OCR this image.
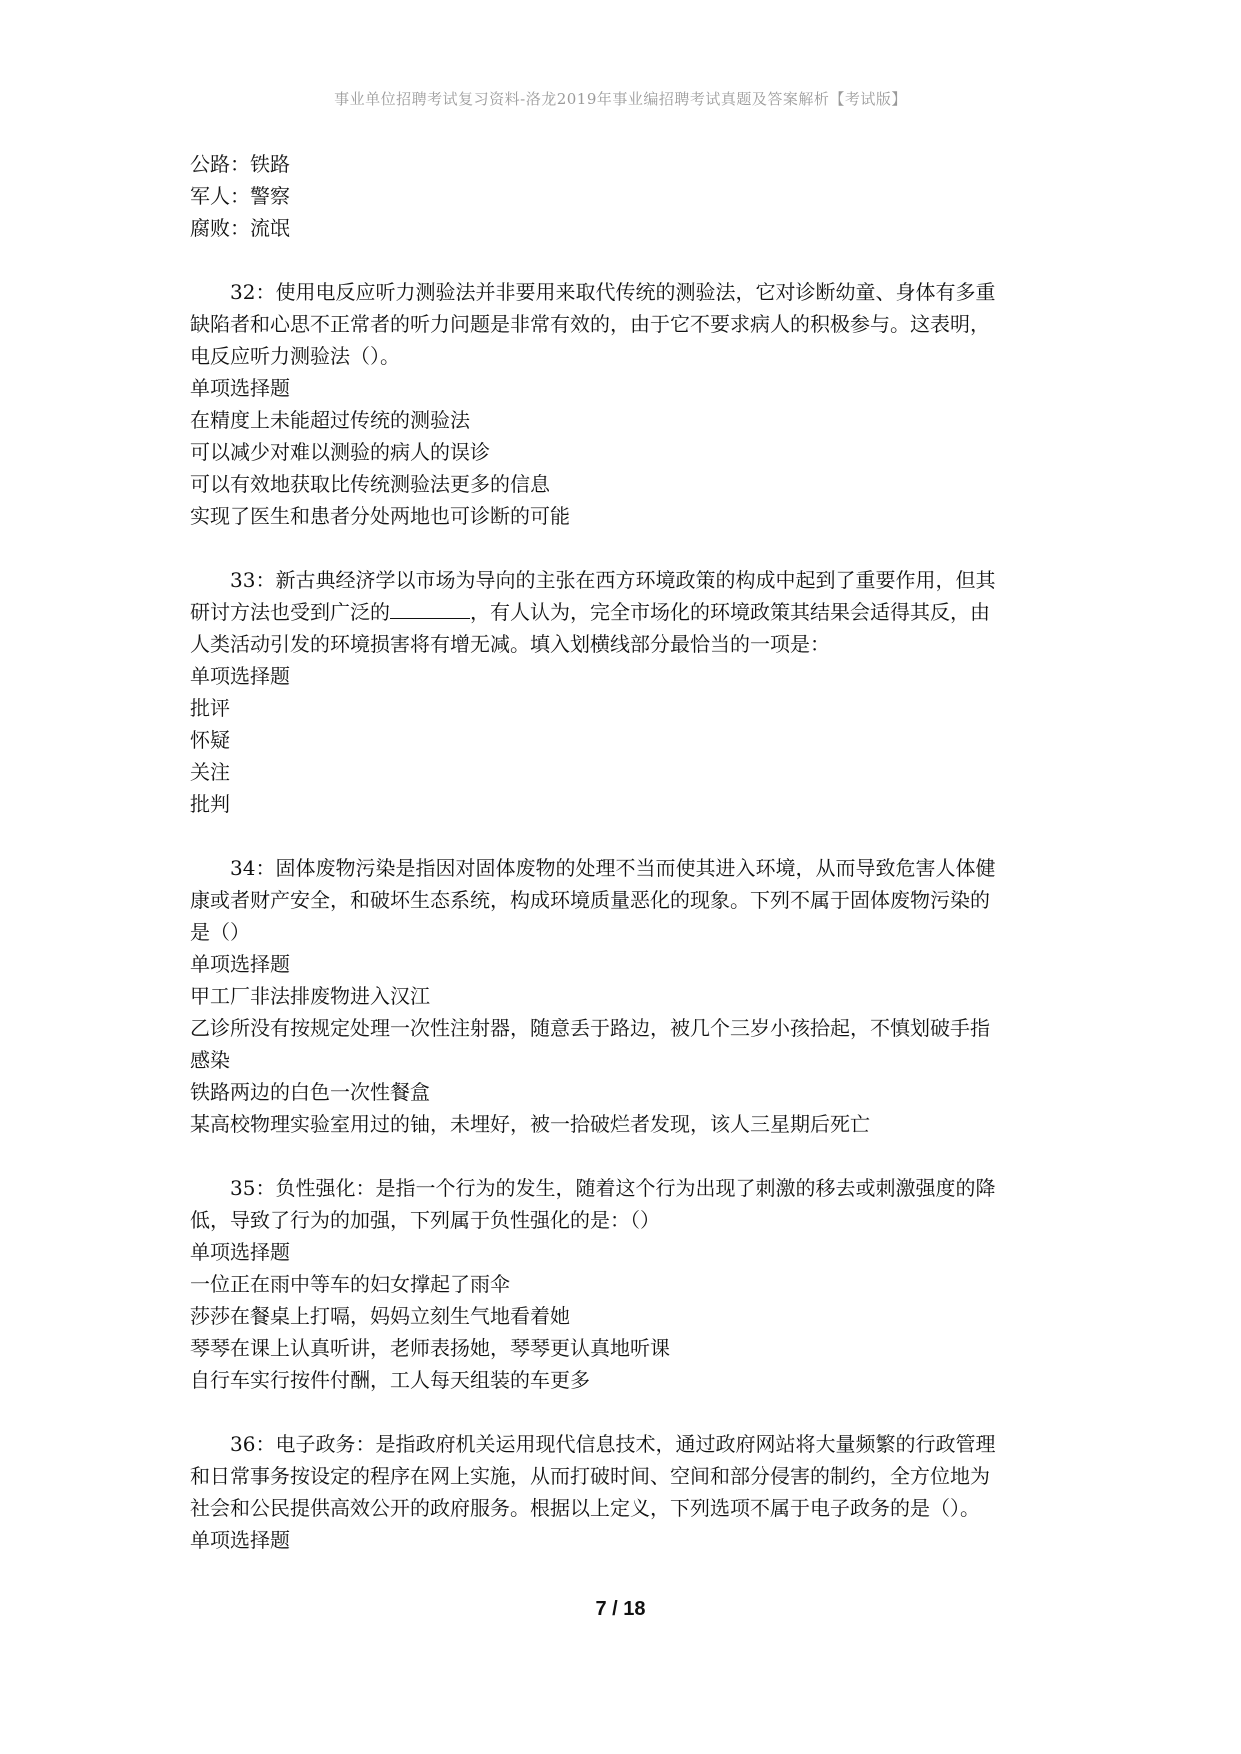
事业单位招聘考试复习资料-洛龙2019年事业编招聘考试真题及答案解析【考试版】
公路：铁路
军人：警察
腐败：流氓
32：使用电反应听力测验法并非要用来取代传统的测验法，它对诊断幼童、身体有多重
缺陷者和心思不正常者的听力问题是非常有效的，由于它不要求病人的积极参与。这表明，
电反应听力测验法（）。
单项选择题
在精度上未能超过传统的测验法
可以减少对难以测验的病人的误诊
可以有效地获取比传统测验法更多的信息
实现了医生和患者分处两地也可诊断的可能
33：新古典经济学以市场为导向的主张在西方环境政策的构成中起到了重要作用，但其
研讨方法也受到广泛的	，有人认为，完全市场化的环境政策其结果会适得其反，由
人类活动引发的环境损害将有增无减。填入划横线部分最恰当的一项是：
单项选择题
批评
怀疑
关注
批判
34：固体废物污染是指因对固体废物的处理不当而使其进入环境，从而导致危害人体健
康或者财产安全，和破坏生态系统，构成环境质量恶化的现象。下列不属于固体废物污染的
是（）
单项选择题
甲工厂非法排废物进入汉江
乙诊所没有按规定处理一次性注射器，随意丢于路边，被几个三岁小孩拾起，不慎划破手指
感染
铁路两边的白色一次性餐盒
某高校物理实验室用过的铀，未埋好，被一拾破烂者发现，该人三星期后死亡
35：负性强化：是指一个行为的发生，随着这个行为出现了刺激的移去或刺激强度的降
低，导致了行为的加强，下列属于负性强化的是：（）
单项选择题
一位正在雨中等车的妇女撑起了雨伞
莎莎在餐桌上打嗝，妈妈立刻生气地看着她
琴琴在课上认真听讲，老师表扬她，琴琴更认真地听课
自行车实行按件付酬，工人每天组装的车更多
36：电子政务：是指政府机关运用现代信息技术，通过政府网站将大量频繁的行政管理
和日常事务按设定的程序在网上实施，从而打破时间、空间和部分侵害的制约，全方位地为
社会和公民提供高效公开的政府服务。根据以上定义，下列选项不属于电子政务的是（）。
单项选择题
7 / 18
